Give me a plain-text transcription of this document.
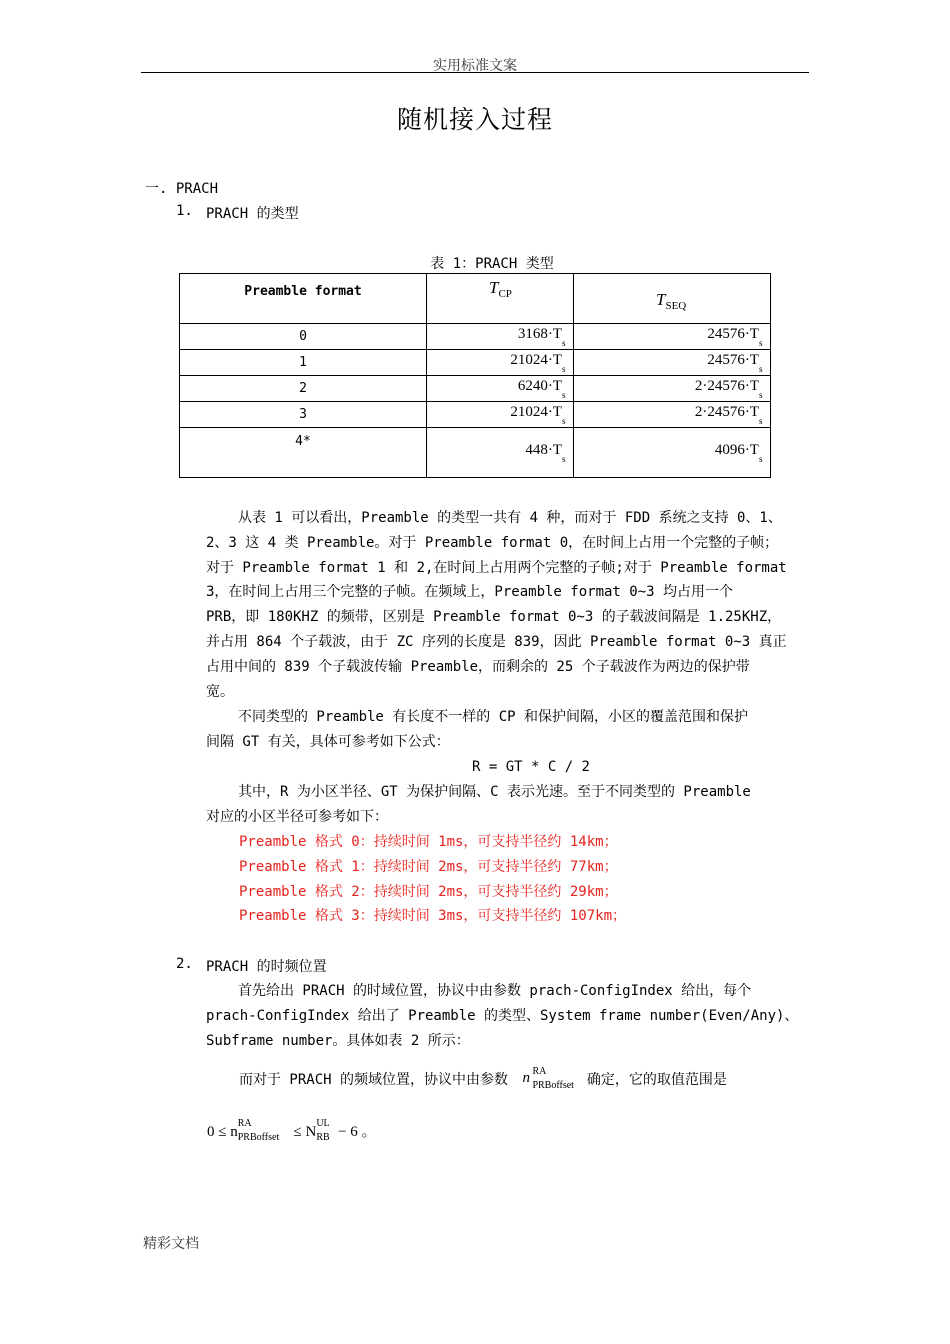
实用标准文案
随机接入过程
一. PRACH
1. PRACH 的类型
表 1：PRACH 类型
Preamble format	$T_{CP}$	$T_{SEQ}$

0	$3168\cdot T_s$	$24576\cdot T_s$
1	$21024\cdot T_s$	$24576\cdot T_s$
2	$6240\cdot T_s$	$2\cdot 24576\cdot T_s$
3	$21024\cdot T_s$	$2\cdot 24576\cdot T_s$
4*	$448\cdot T_s$	$4096\cdot T_s$
从表 1 可以看出，Preamble 的类型一共有 4 种，而对于 FDD 系统之支持 0、1、
2、3 这 4 类 Preamble。对于 Preamble format 0，在时间上占用一个完整的子帧；
对于 Preamble format 1 和 2,在时间上占用两个完整的子帧;对于 Preamble format
3，在时间上占用三个完整的子帧。在频域上，Preamble format 0~3 均占用一个
PRB，即 180KHZ 的频带，区别是 Preamble format 0~3 的子载波间隔是 1.25KHZ，
并占用 864 个子载波，由于 ZC 序列的长度是 839，因此 Preamble format 0~3 真正
占用中间的 839 个子载波传输 Preamble，而剩余的 25 个子载波作为两边的保护带
宽。
不同类型的 Preamble 有长度不一样的 CP 和保护间隔，小区的覆盖范围和保护
间隔 GT 有关，具体可参考如下公式：
R = GT * C / 2
其中，R 为小区半径、GT 为保护间隔、C 表示光速。至于不同类型的 Preamble
对应的小区半径可参考如下：
Preamble 格式 0：持续时间 1ms，可支持半径约 14km；
Preamble 格式 1：持续时间 2ms，可支持半径约 77km；
Preamble 格式 2：持续时间 2ms，可支持半径约 29km；
Preamble 格式 3：持续时间 3ms，可支持半径约 107km；
2. PRACH 的时频位置
首先给出 PRACH 的时域位置，协议中由参数 prach-ConfigIndex 给出，每个
prach-ConfigIndex 给出了 Preamble 的类型、System frame number(Even/Any)、
Subframe number。具体如表 2 所示：
而对于 PRACH 的频域位置，协议中由参数 n RA
PRBoffset 确定，它的取值范围是
0 ≤ n
RA
PRBoffset ≤ N
UL
RB − 6 。
精彩文档
